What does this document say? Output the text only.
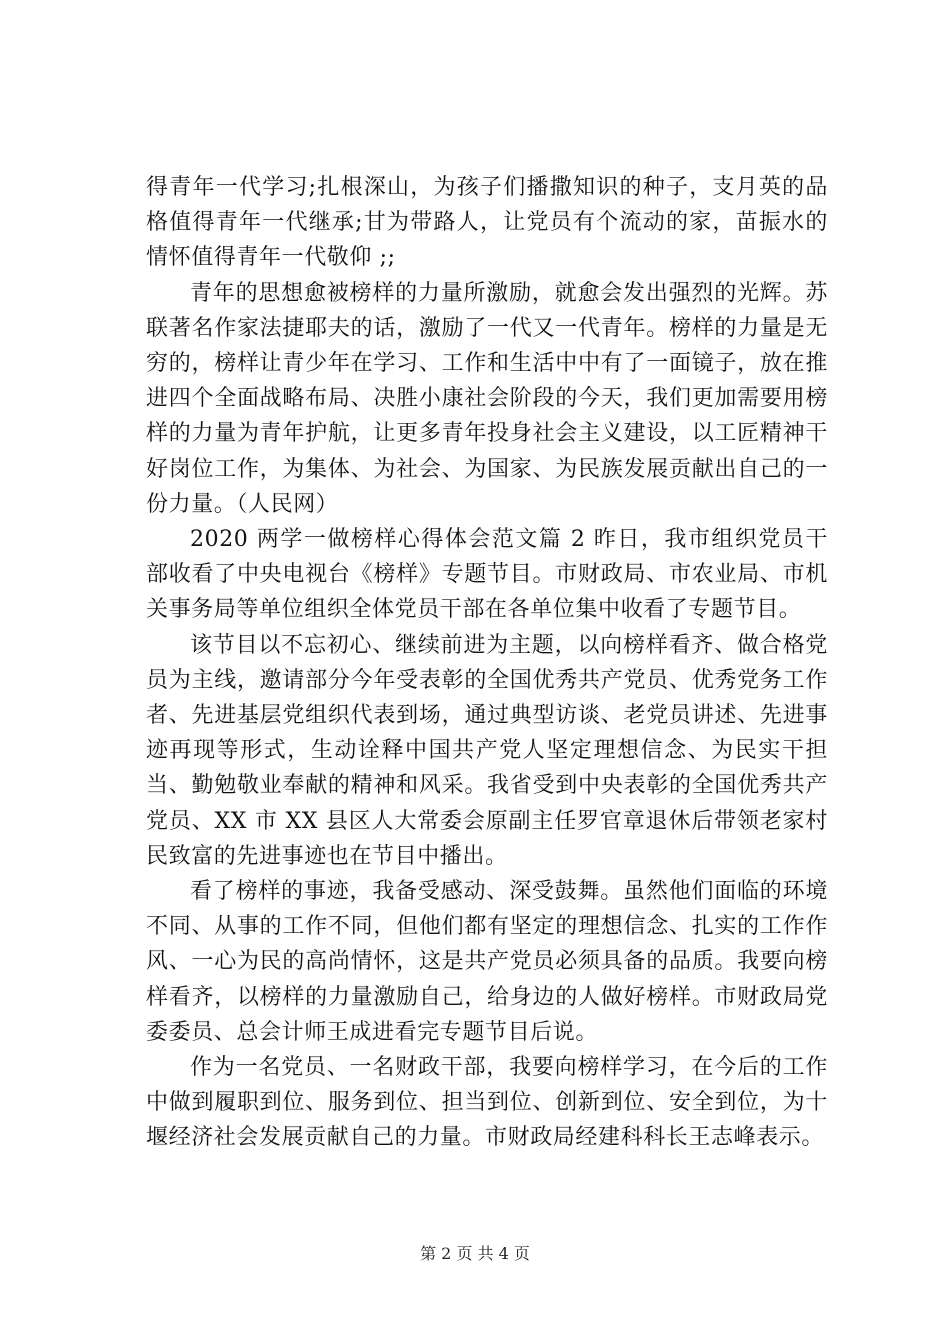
得青年一代学习;扎根深山，为孩子们播撒知识的种子，支月英的品格值得青年一代继承;甘为带路人，让党员有个流动的家，苗振水的情怀值得青年一代敬仰 ;;

青年的思想愈被榜样的力量所激励，就愈会发出强烈的光辉。苏联著名作家法捷耶夫的话，激励了一代又一代青年。榜样的力量是无穷的，榜样让青少年在学习、工作和生活中中有了一面镜子，放在推进四个全面战略布局、决胜小康社会阶段的今天，我们更加需要用榜样的力量为青年护航，让更多青年投身社会主义建设，以工匠精神干好岗位工作，为集体、为社会、为国家、为民族发展贡献出自己的一份力量。（人民网）

2020 两学一做榜样心得体会范文篇 2 昨日，我市组织党员干部收看了中央电视台《榜样》专题节目。市财政局、市农业局、市机关事务局等单位组织全体党员干部在各单位集中收看了专题节目。

该节目以不忘初心、继续前进为主题，以向榜样看齐、做合格党员为主线，邀请部分今年受表彰的全国优秀共产党员、优秀党务工作者、先进基层党组织代表到场，通过典型访谈、老党员讲述、先进事迹再现等形式，生动诠释中国共产党人坚定理想信念、为民实干担当、勤勉敬业奉献的精神和风采。我省受到中央表彰的全国优秀共产党员、XX 市 XX 县区人大常委会原副主任罗官章退休后带领老家村民致富的先进事迹也在节目中播出。

看了榜样的事迹，我备受感动、深受鼓舞。虽然他们面临的环境不同、从事的工作不同，但他们都有坚定的理想信念、扎实的工作作风、一心为民的高尚情怀，这是共产党员必须具备的品质。我要向榜样看齐，以榜样的力量激励自己，给身边的人做好榜样。市财政局党委委员、总会计师王成进看完专题节目后说。

作为一名党员、一名财政干部，我要向榜样学习，在今后的工作中做到履职到位、服务到位、担当到位、创新到位、安全到位，为十堰经济社会发展贡献自己的力量。市财政局经建科科长王志峰表示。

第 2 页 共 4 页
